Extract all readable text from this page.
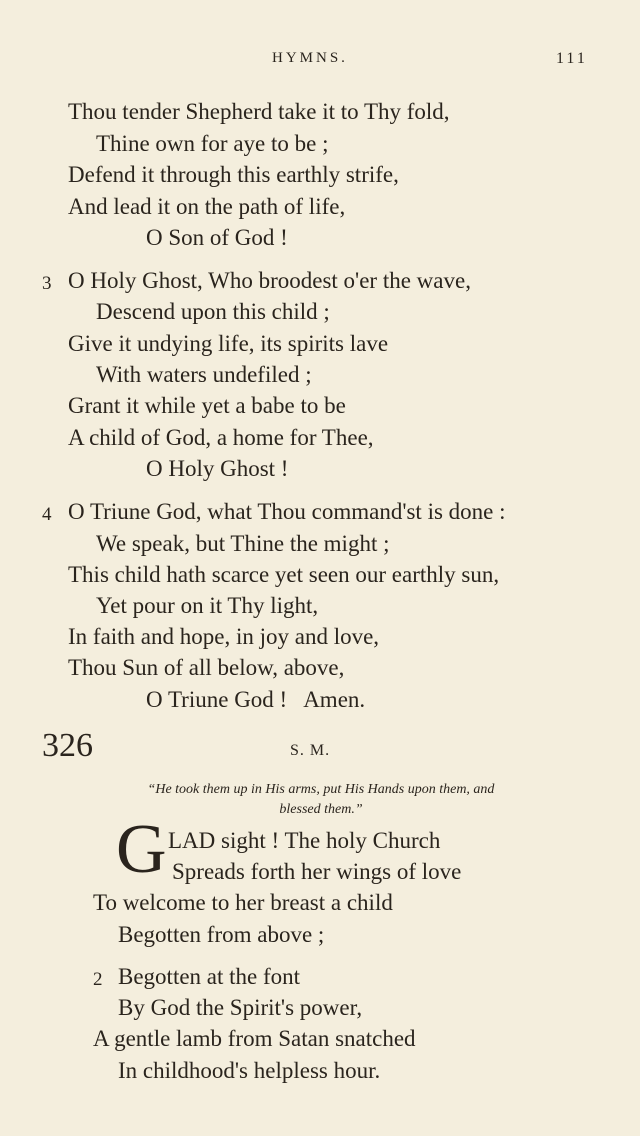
HYMNS.	111
Thou tender Shepherd take it to Thy fold,
Thine own for aye to be ;
Defend it through this earthly strife,
And lead it on the path of life,
O Son of God !
3 O Holy Ghost, Who broodest o'er the wave,
Descend upon this child ;
Give it undying life, its spirits lave
With waters undefiled ;
Grant it while yet a babe to be
A child of God, a home for Thee,
O Holy Ghost !
4 O Triune God, what Thou command'st is done :
We speak, but Thine the might ;
This child hath scarce yet seen our earthly sun,
Yet pour on it Thy light,
In faith and hope, in joy and love,
Thou Sun of all below, above,
O Triune God !   Amen.
326	S. M.
“He took them up in His arms, put His Hands upon them, and
blessed them.”
G LAD sight ! The holy Church
Spreads forth her wings of love
To welcome to her breast a child
Begotten from above ;
2 Begotten at the font
By God the Spirit's power,
A gentle lamb from Satan snatched
In childhood's helpless hour.
